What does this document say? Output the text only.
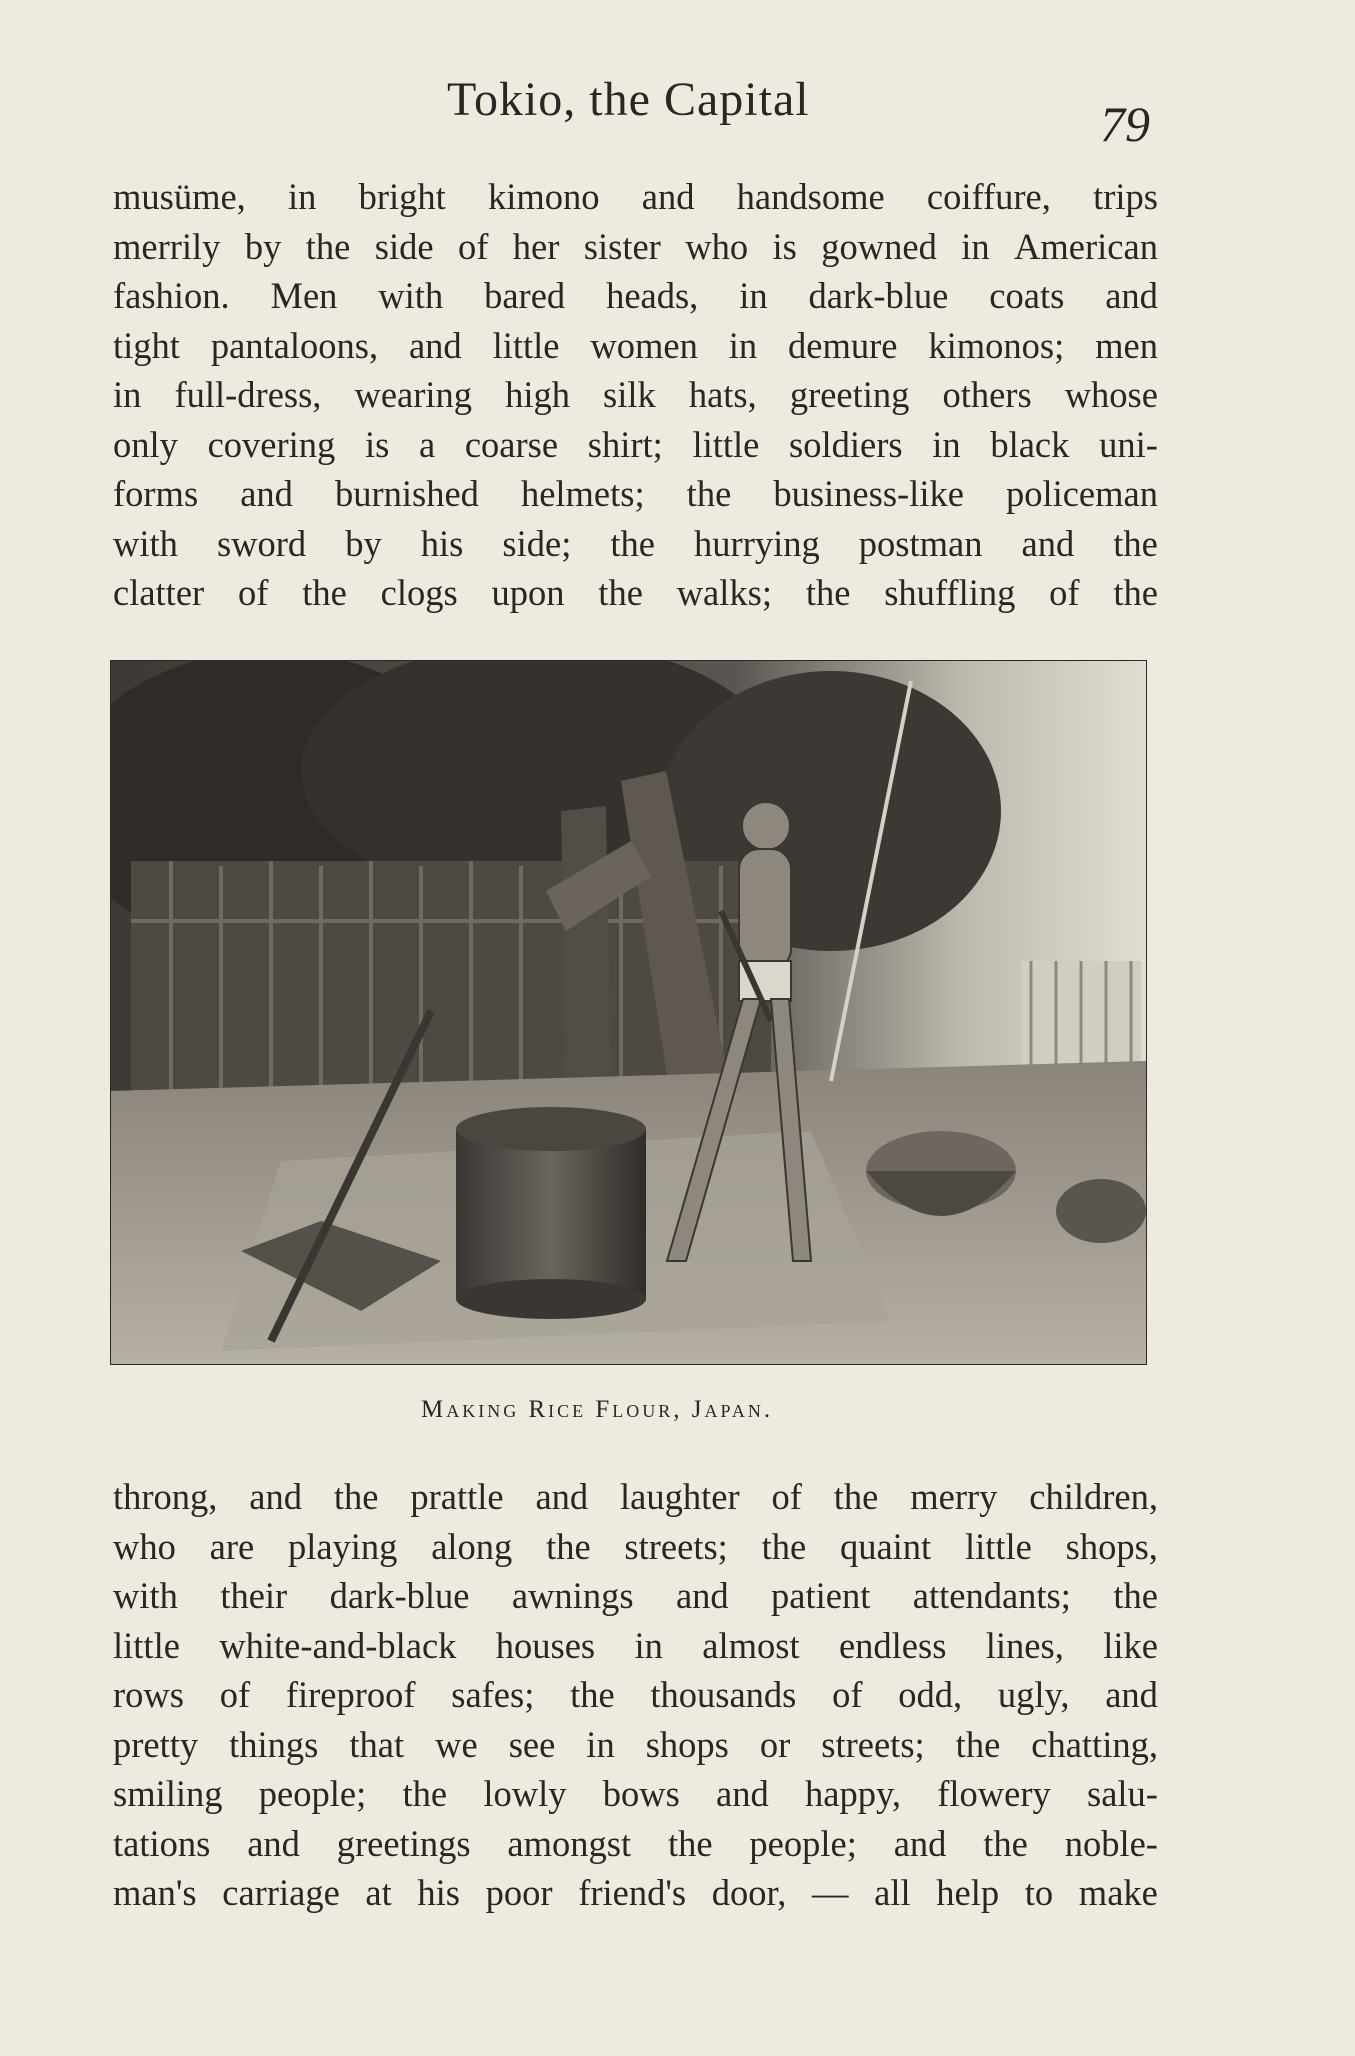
Tokio, the Capital	79
musüme, in bright kimono and handsome coiffure, trips
merrily by the side of her sister who is gowned in American
fashion. Men with bared heads, in dark-blue coats and
tight pantaloons, and little women in demure kimonos; men
in full-dress, wearing high silk hats, greeting others whose
only covering is a coarse shirt; little soldiers in black uni-
forms and burnished helmets; the business-like policeman
with sword by his side; the hurrying postman and the
clatter of the clogs upon the walks; the shuffling of the
Making Rice Flour, Japan.
throng, and the prattle and laughter of the merry children,
who are playing along the streets; the quaint little shops,
with their dark-blue awnings and patient attendants; the
little white-and-black houses in almost endless lines, like
rows of fireproof safes; the thousands of odd, ugly, and
pretty things that we see in shops or streets; the chatting,
smiling people; the lowly bows and happy, flowery salu-
tations and greetings amongst the people; and the noble-
man's carriage at his poor friend's door, — all help to make
